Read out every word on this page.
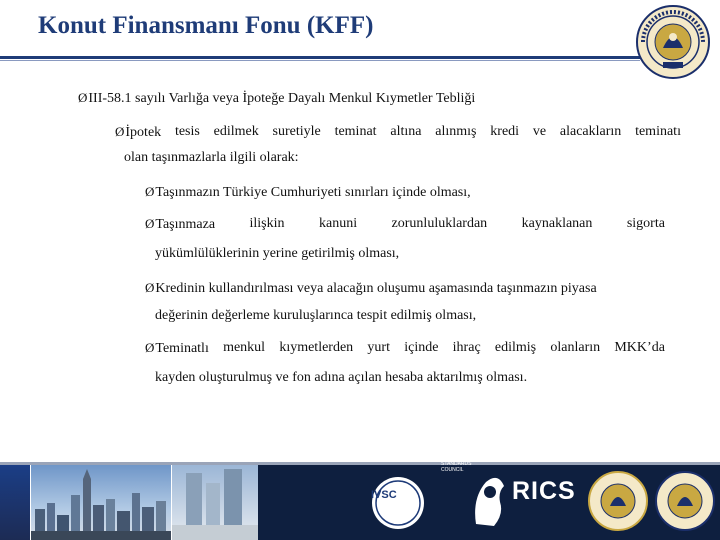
Konut Finansmanı Fonu (KFF)
ØIII-58.1 sayılı Varlığa veya İpoteğe Dayalı Menkul Kıymetler Tebliği
Øİpotek tesis edilmek suretiyle teminat altına alınmış kredi ve alacakların teminatı
olan taşınmazlarla ilgili olarak:
ØTaşınmazın Türkiye Cumhuriyeti sınırları içinde olması,
ØTaşınmaza ilişkin kanuni zorunluluklardan kaynaklanan sigorta
yükümlülüklerinin yerine getirilmiş olması,
ØKredinin kullandırılması veya alacağın oluşumu aşamasında taşınmazın piyasa
değerinin değerleme kuruluşlarınca tespit edilmiş olması,
ØTeminatlı menkul kıymetlerden yurt içinde ihraç edilmiş olanların MKK’da
kayden oluşturulmuş ve fon adına açılan hesaba aktarılmış olması.
IVSC
INTERNATIONAL
VALUATION
STANDARDS
COUNCIL
RICS
